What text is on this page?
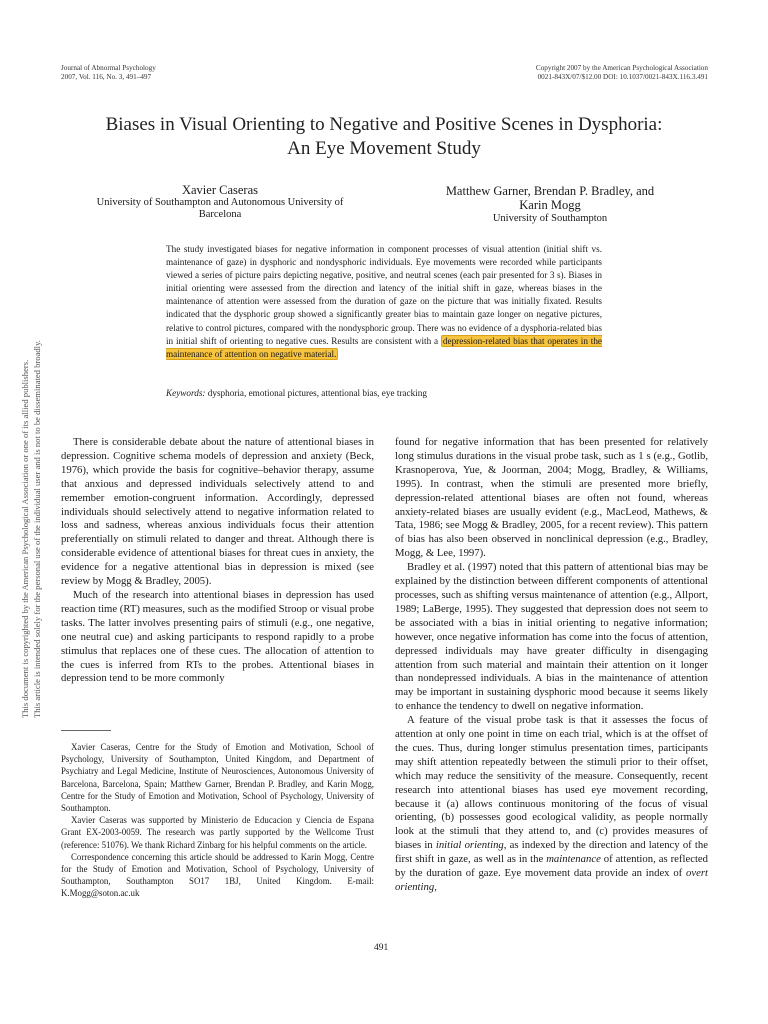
Journal of Abnormal Psychology
2007, Vol. 116, No. 3, 491–497
Copyright 2007 by the American Psychological Association
0021-843X/07/$12.00 DOI: 10.1037/0021-843X.116.3.491
Biases in Visual Orienting to Negative and Positive Scenes in Dysphoria:
An Eye Movement Study
Xavier Caseras
University of Southampton and Autonomous University of
Barcelona
Matthew Garner, Brendan P. Bradley, and
Karin Mogg
University of Southampton
The study investigated biases for negative information in component processes of visual attention (initial shift vs. maintenance of gaze) in dysphoric and nondysphoric individuals. Eye movements were recorded while participants viewed a series of picture pairs depicting negative, positive, and neutral scenes (each pair presented for 3 s). Biases in initial orienting were assessed from the direction and latency of the initial shift in gaze, whereas biases in the maintenance of attention were assessed from the duration of gaze on the picture that was initially fixated. Results indicated that the dysphoric group showed a significantly greater bias to maintain gaze longer on negative pictures, relative to control pictures, compared with the nondysphoric group. There was no evidence of a dysphoria-related bias in initial shift of orienting to negative cues. Results are consistent with a depression-related bias that operates in the maintenance of attention on negative material.
Keywords: dysphoria, emotional pictures, attentional bias, eye tracking

There is considerable debate about the nature of attentional biases in depression. Cognitive schema models of depression and anxiety (Beck, 1976), which provide the basis for cognitive–behavior therapy, assume that anxious and depressed individuals selectively attend to and remember emotion-congruent information. Accordingly, depressed individuals should selectively attend to negative information related to loss and sadness, whereas anxious individuals focus their attention preferentially on stimuli related to danger and threat. Although there is considerable evidence of attentional biases for threat cues in anxiety, the evidence for a negative attentional bias in depression is mixed (see review by Mogg & Bradley, 2005).

Much of the research into attentional biases in depression has used reaction time (RT) measures, such as the modified Stroop or visual probe tasks. The latter involves presenting pairs of stimuli (e.g., one negative, one neutral cue) and asking participants to respond rapidly to a probe stimulus that replaces one of these cues. The allocation of attention to the cues is inferred from RTs to the probes. Attentional biases in depression tend to be more commonly

Xavier Caseras, Centre for the Study of Emotion and Motivation, School of Psychology, University of Southampton, United Kingdom, and Department of Psychiatry and Legal Medicine, Institute of Neurosciences, Autonomous University of Barcelona, Barcelona, Spain; Matthew Garner, Brendan P. Bradley, and Karin Mogg, Centre for the Study of Emotion and Motivation, School of Psychology, University of Southampton.

Xavier Caseras was supported by Ministerio de Educacion y Ciencia de Espana Grant EX-2003-0059. The research was partly supported by the Wellcome Trust (reference: 51076). We thank Richard Zinbarg for his helpful comments on the article.

Correspondence concerning this article should be addressed to Karin Mogg, Centre for the Study of Emotion and Motivation, School of Psychology, University of Southampton, Southampton SO17 1BJ, United Kingdom. E-mail: K.Mogg@soton.ac.uk

found for negative information that has been presented for relatively long stimulus durations in the visual probe task, such as 1 s (e.g., Gotlib, Krasnoperova, Yue, & Joorman, 2004; Mogg, Bradley, & Williams, 1995). In contrast, when the stimuli are presented more briefly, depression-related attentional biases are often not found, whereas anxiety-related biases are usually evident (e.g., MacLeod, Mathews, & Tata, 1986; see Mogg & Bradley, 2005, for a recent review). This pattern of bias has also been observed in nonclinical depression (e.g., Bradley, Mogg, & Lee, 1997).

Bradley et al. (1997) noted that this pattern of attentional bias may be explained by the distinction between different components of attentional processes, such as shifting versus maintenance of attention (e.g., Allport, 1989; LaBerge, 1995). They suggested that depression does not seem to be associated with a bias in initial orienting to negative information; however, once negative information has come into the focus of attention, depressed individuals may have greater difficulty in disengaging attention from such material and maintain their attention on it longer than nondepressed individuals. A bias in the maintenance of attention may be important in sustaining dysphoric mood because it seems likely to enhance the tendency to dwell on negative information.

A feature of the visual probe task is that it assesses the focus of attention at only one point in time on each trial, which is at the offset of the cues. Thus, during longer stimulus presentation times, participants may shift attention repeatedly between the stimuli prior to their offset, which may reduce the sensitivity of the measure. Consequently, recent research into attentional biases has used eye movement recording, because it (a) allows continuous monitoring of the focus of visual orienting, (b) possesses good ecological validity, as people normally look at the stimuli that they attend to, and (c) provides measures of biases in initial orienting, as indexed by the direction and latency of the first shift in gaze, as well as in the maintenance of attention, as reflected by the duration of gaze. Eye movement data provide an index of overt orienting,

This document is copyrighted by the American Psychological Association or one of its allied publishers. This article is intended solely for the personal use of the individual user and is not to be disseminated broadly.
491
